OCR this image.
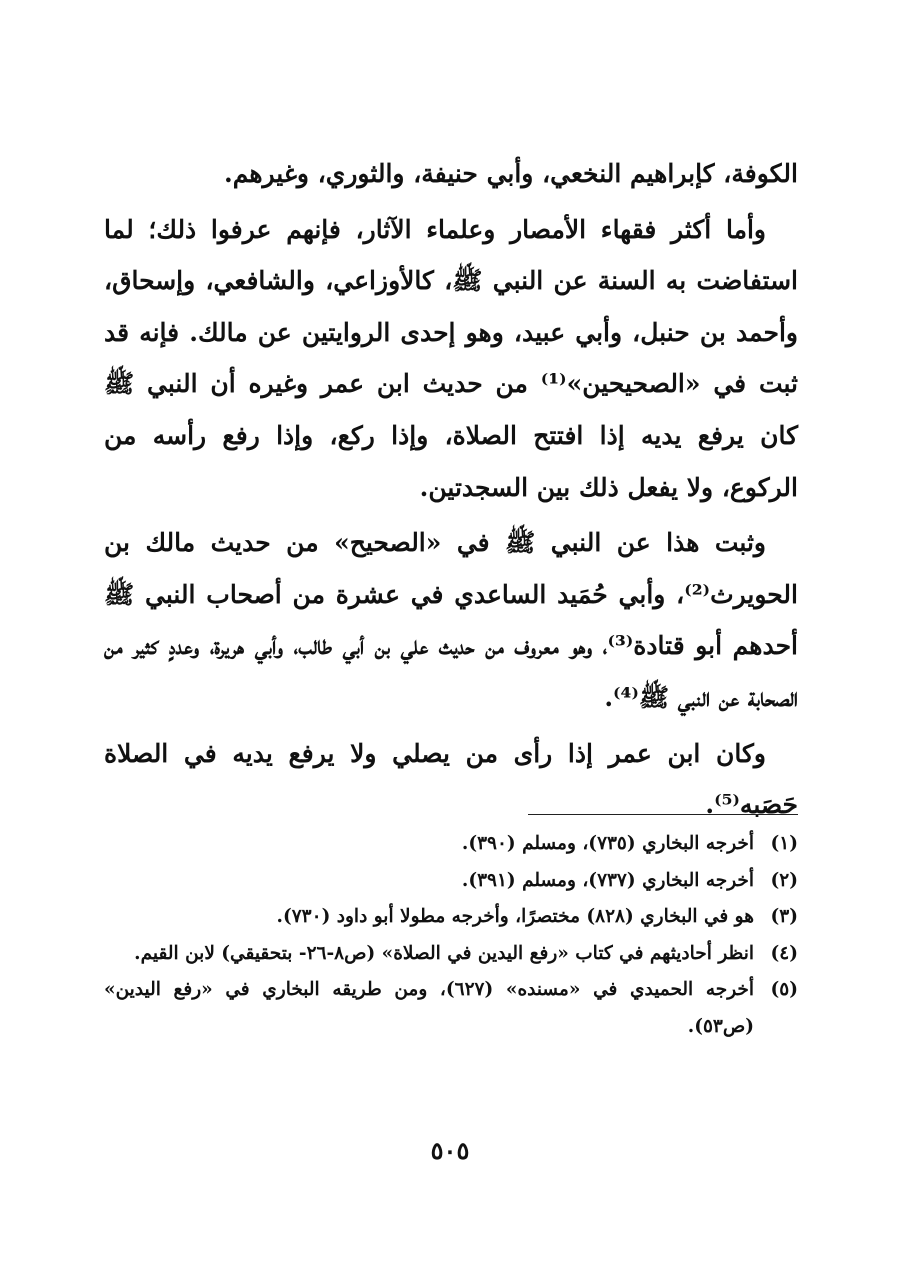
الكوفة، كإبراهيم النخعي، وأبي حنيفة، والثوري، وغيرهم.

وأما أكثر فقهاء الأمصار وعلماء الآثار، فإنهم عرفوا ذلك؛ لما استفاضت به السنة عن النبي ﷺ، كالأوزاعي، والشافعي، وإسحاق، وأحمد بن حنبل، وأبي عبيد، وهو إحدى الروايتين عن مالك. فإنه قد ثبت في «الصحيحين»⁽¹⁾ من حديث ابن عمر وغيره أن النبي ﷺ كان يرفع يديه إذا افتتح الصلاة، وإذا ركع، وإذا رفع رأسه من الركوع، ولا يفعل ذلك بين السجدتين.

وثبت هذا عن النبي ﷺ في «الصحيح» من حديث مالك بن الحويرث⁽²⁾، وأبي حُمَيد الساعدي في عشرة من أصحاب النبي ﷺ أحدهم أبو قتادة⁽³⁾، وهو معروف من حديث علي بن أبي طالب، وأبي هريرة، وعددٍ كثير من الصحابة عن النبي ﷺ⁽⁴⁾.

وكان ابن عمر إذا رأى من يصلي ولا يرفع يديه في الصلاة حَصَبه⁽⁵⁾.

(١)
أخرجه البخاري (٧٣٥)، ومسلم (٣٩٠).
(٢)
أخرجه البخاري (٧٣٧)، ومسلم (٣٩١).
(٣)
هو في البخاري (٨٢٨) مختصرًا، وأخرجه مطولا أبو داود (٧٣٠).
(٤)
انظر أحاديثهم في كتاب «رفع اليدين في الصلاة» (ص٨-٢٦- بتحقيقي) لابن القيم.
(٥)
أخرجه الحميدي في «مسنده» (٦٢٧)، ومن طريقه البخاري في «رفع اليدين» (ص٥٣).
٥٠٥
